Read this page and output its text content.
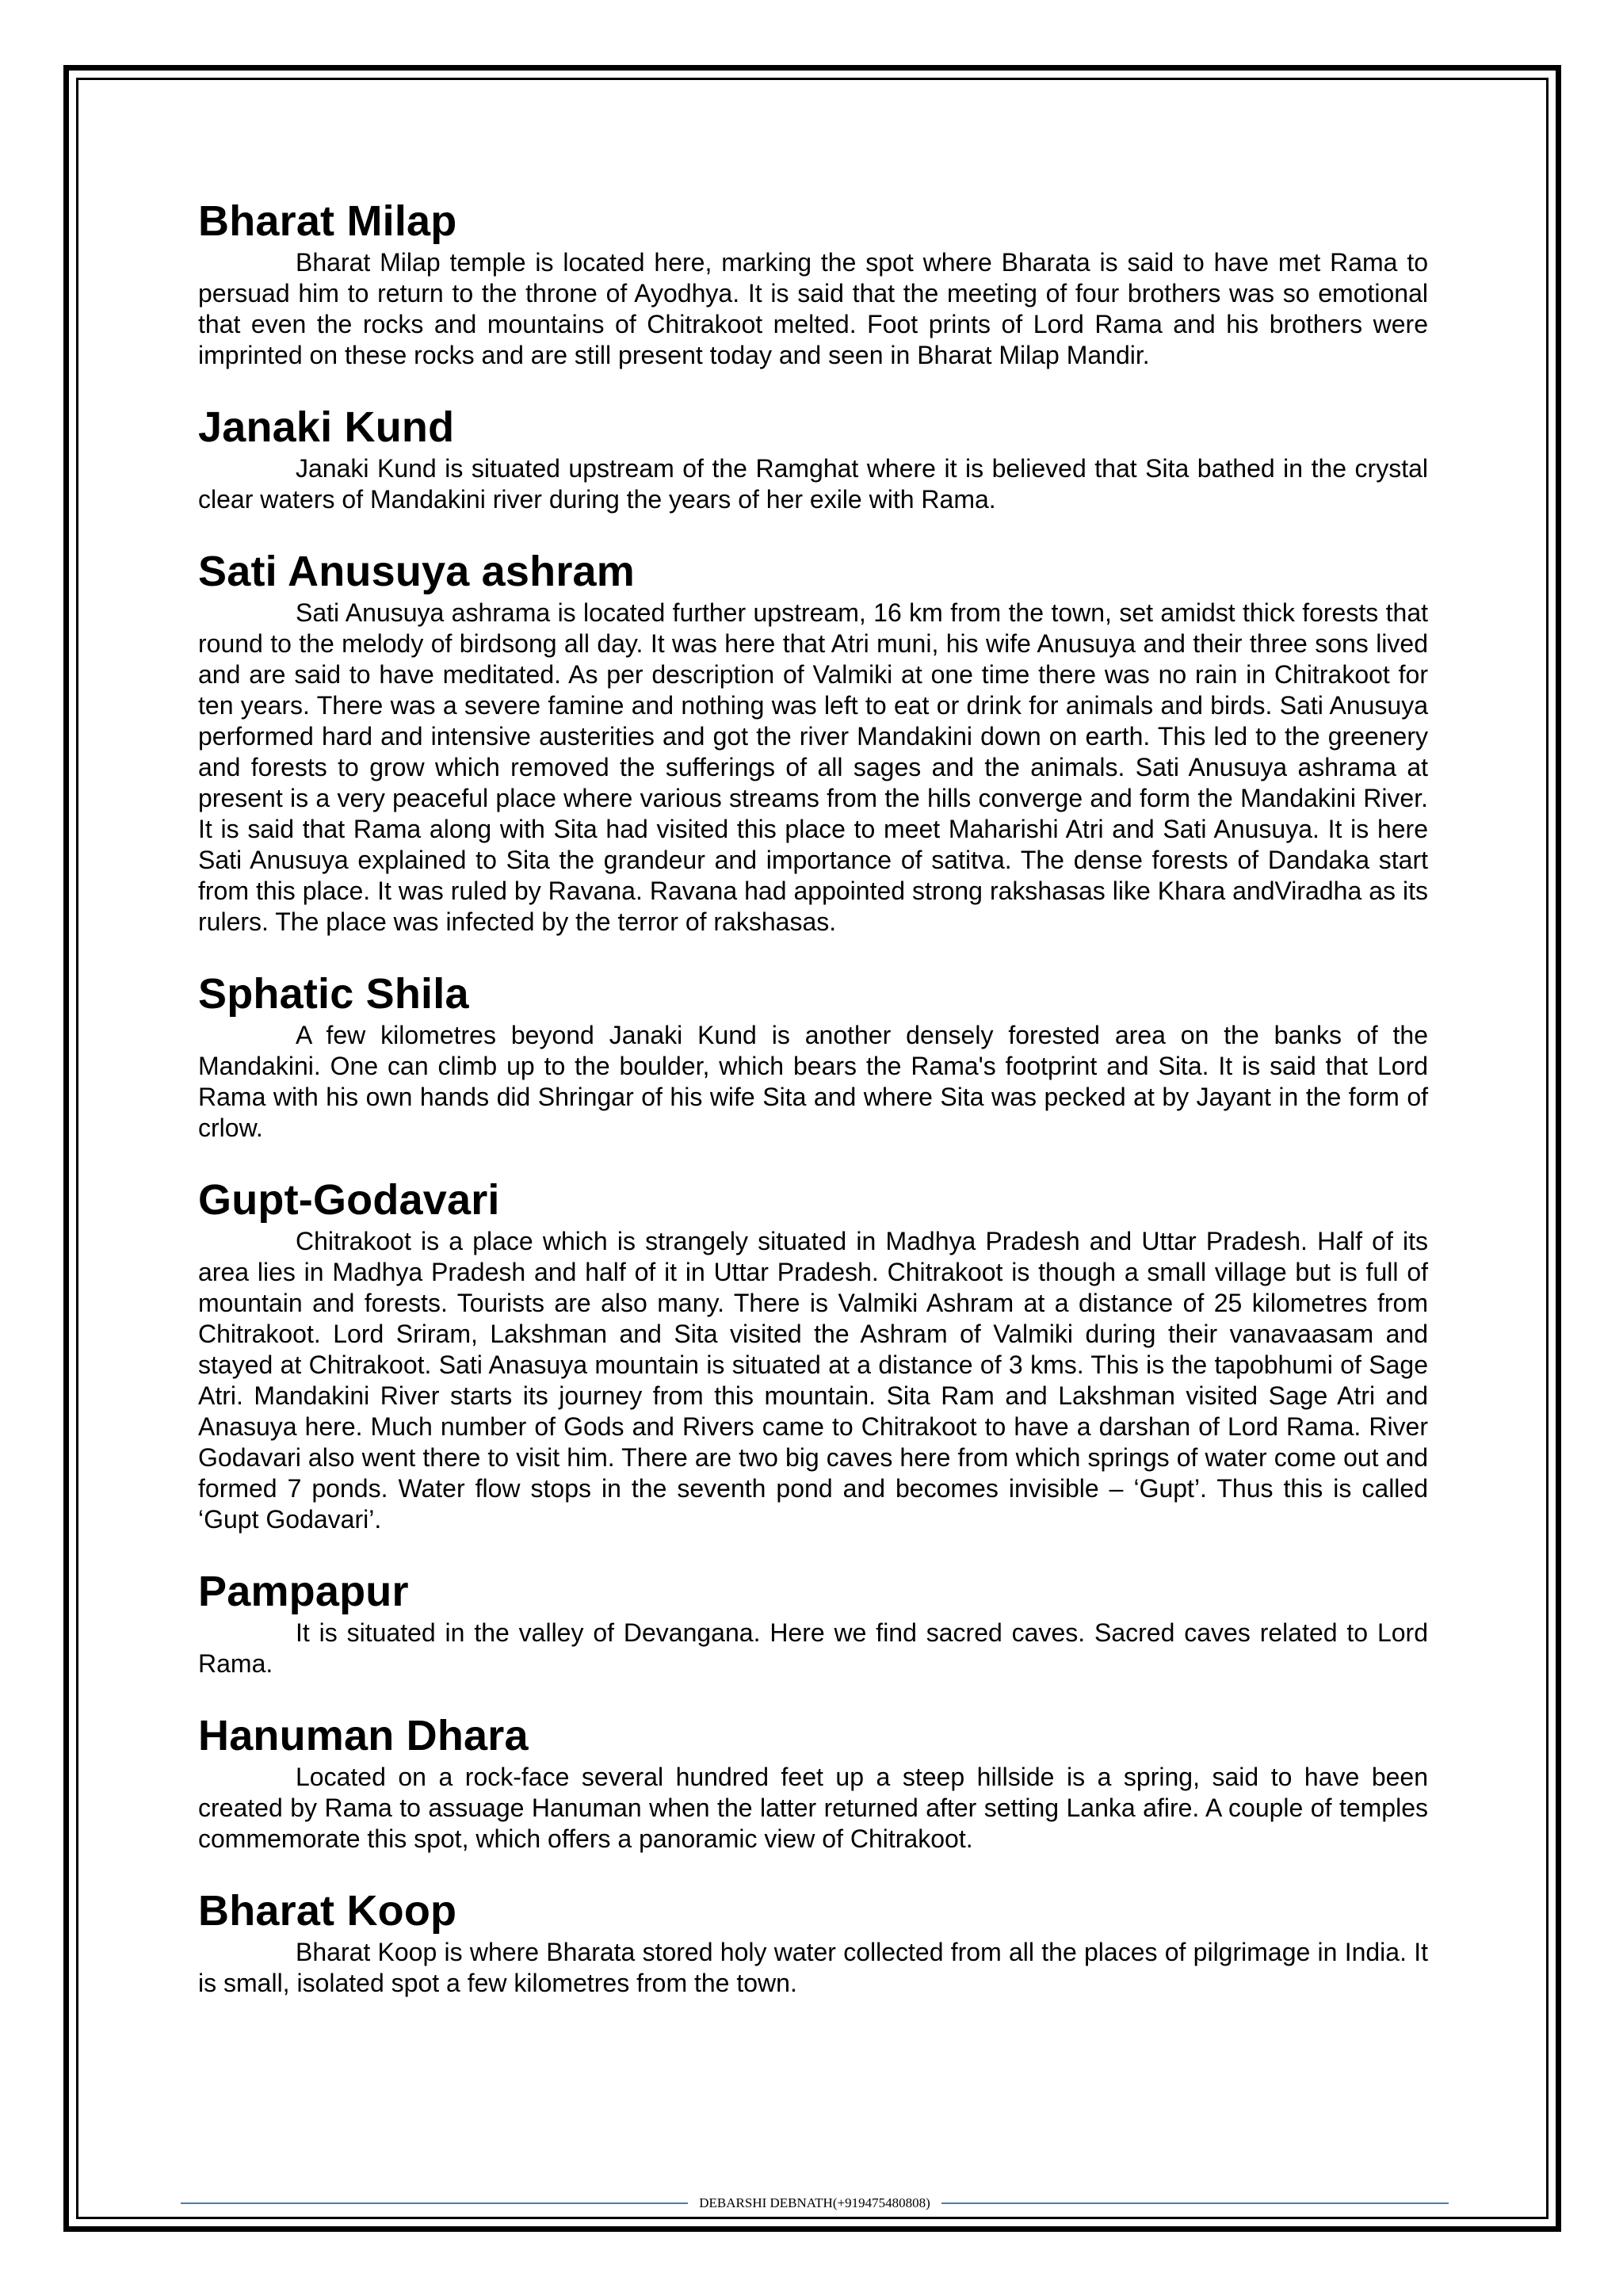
Bharat Milap

Bharat Milap temple is located here, marking the spot where Bharata is said to have met Rama to persuad him to return to the throne of Ayodhya. It is said that the meeting of four brothers was so emotional that even the rocks and mountains of Chitrakoot melted. Foot prints of Lord Rama and his brothers were imprinted on these rocks and are still present today and seen in Bharat Milap Mandir.

Janaki Kund

Janaki Kund is situated upstream of the Ramghat where it is believed that Sita bathed in the crystal clear waters of Mandakini river during the years of her exile with Rama.

Sati Anusuya ashram

Sati Anusuya ashrama is located further upstream, 16 km from the town, set amidst thick forests that round to the melody of birdsong all day. It was here that Atri muni, his wife Anusuya and their three sons lived and are said to have meditated. As per description of Valmiki at one time there was no rain in Chitrakoot for ten years. There was a severe famine and nothing was left to eat or drink for animals and birds. Sati Anusuya performed hard and intensive austerities and got the river Mandakini down on earth. This led to the greenery and forests to grow which removed the sufferings of all sages and the animals. Sati Anusuya ashrama at present is a very peaceful place where various streams from the hills converge and form the Mandakini River. It is said that Rama along with Sita had visited this place to meet Maharishi Atri and Sati Anusuya. It is here Sati Anusuya explained to Sita the grandeur and importance of satitva. The dense forests of Dandaka start from this place. It was ruled by Ravana. Ravana had appointed strong rakshasas like Khara andViradha as its rulers. The place was infected by the terror of rakshasas.

Sphatic Shila

A few kilometres beyond Janaki Kund is another densely forested area on the banks of the Mandakini. One can climb up to the boulder, which bears the Rama's footprint and Sita. It is said that Lord Rama with his own hands did Shringar of his wife Sita and where Sita was pecked at by Jayant in the form of crlow.

Gupt-Godavari

Chitrakoot is a place which is strangely situated in Madhya Pradesh and Uttar Pradesh. Half of its area lies in Madhya Pradesh and half of it in Uttar Pradesh. Chitrakoot is though a small village but is full of mountain and forests. Tourists are also many. There is Valmiki Ashram at a distance of 25 kilometres from Chitrakoot. Lord Sriram, Lakshman and Sita visited the Ashram of Valmiki during their vanavaasam and stayed at Chitrakoot. Sati Anasuya mountain is situated at a distance of 3 kms. This is the tapobhumi of Sage Atri. Mandakini River starts its journey from this mountain. Sita Ram and Lakshman visited Sage Atri and Anasuya here. Much number of Gods and Rivers came to Chitrakoot to have a darshan of Lord Rama. River Godavari also went there to visit him. There are two big caves here from which springs of water come out and formed 7 ponds. Water flow stops in the seventh pond and becomes invisible – ‘Gupt’. Thus this is called ‘Gupt Godavari’.

Pampapur

It is situated in the valley of Devangana. Here we find sacred caves. Sacred caves related to Lord Rama.

Hanuman Dhara

Located on a rock-face several hundred feet up a steep hillside is a spring, said to have been created by Rama to assuage Hanuman when the latter returned after setting Lanka afire. A couple of temples commemorate this spot, which offers a panoramic view of Chitrakoot.

Bharat Koop

Bharat Koop is where Bharata stored holy water collected from all the places of pilgrimage in India. It is small, isolated spot a few kilometres from the town.

DEBARSHI DEBNATH(+919475480808)
